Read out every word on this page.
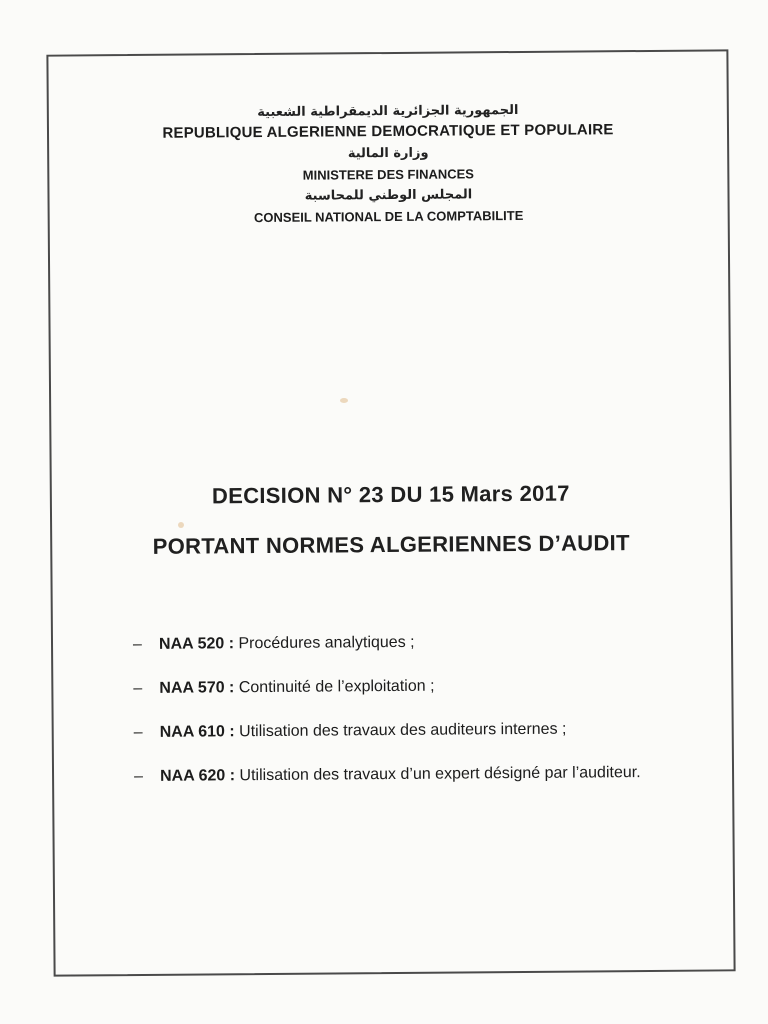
الجمهورية الجزائرية الديمقراطية الشعبية
REPUBLIQUE ALGERIENNE DEMOCRATIQUE ET POPULAIRE
وزارة المالية
MINISTERE DES FINANCES
المجلس الوطني للمحاسبة
CONSEIL NATIONAL DE LA COMPTABILITE
DECISION N° 23 DU 15 Mars 2017
PORTANT NORMES ALGERIENNES D’AUDIT
–	NAA 520 : Procédures analytiques ;
–	NAA 570 : Continuité de l’exploitation ;
–	NAA 610 : Utilisation des travaux des auditeurs internes ;
–	NAA 620 : Utilisation des travaux d’un expert désigné par l’auditeur.
